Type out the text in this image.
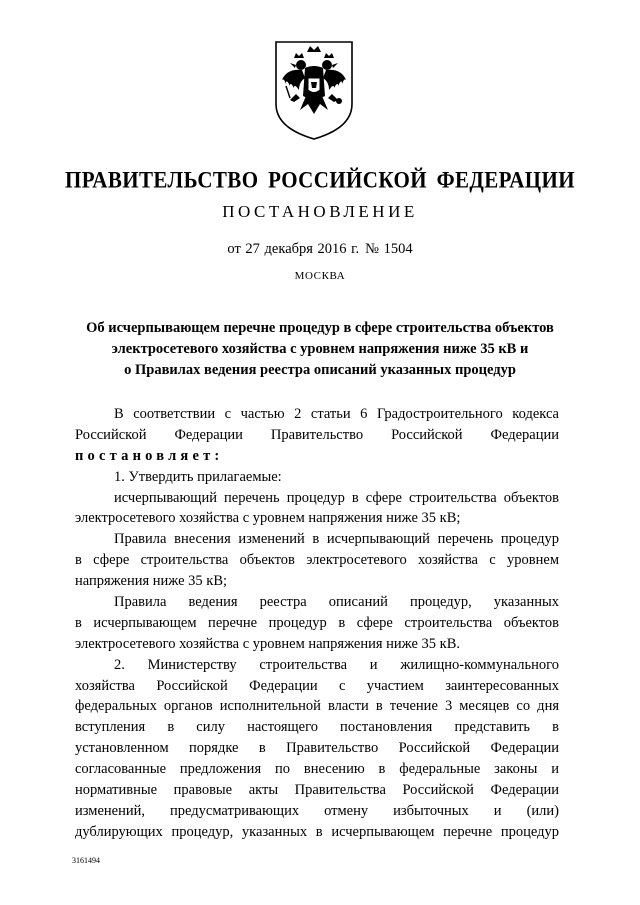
ПРАВИТЕЛЬСТВО РОССИЙСКОЙ ФЕДЕРАЦИИ
ПОСТАНОВЛЕНИЕ
от 27 декабря 2016 г. № 1504
МОСКВА
Об исчерпывающем перечне процедур в сфере строительства объектов
электросетевого хозяйства с уровнем напряжения ниже 35 кВ и
о Правилах ведения реестра описаний указанных процедур
В соответствии с частью 2 статьи 6 Градостроительного кодекса
Российской Федерации Правительство Российской Федерации
постановляет:
1. Утвердить прилагаемые:
исчерпывающий перечень процедур в сфере строительства объектов
электросетевого хозяйства с уровнем напряжения ниже 35 кВ;
Правила внесения изменений в исчерпывающий перечень процедур
в сфере строительства объектов электросетевого хозяйства с уровнем
напряжения ниже 35 кВ;
Правила ведения реестра описаний процедур, указанных
в исчерпывающем перечне процедур в сфере строительства объектов
электросетевого хозяйства с уровнем напряжения ниже 35 кВ.
2. Министерству строительства и жилищно-коммунального
хозяйства Российской Федерации с участием заинтересованных
федеральных органов исполнительной власти в течение 3 месяцев со дня
вступления в силу настоящего постановления представить в
установленном порядке в Правительство Российской Федерации
согласованные предложения по внесению в федеральные законы и
нормативные правовые акты Правительства Российской Федерации
изменений, предусматривающих отмену избыточных и (или)
дублирующих процедур, указанных в исчерпывающем перечне процедур
3161494
